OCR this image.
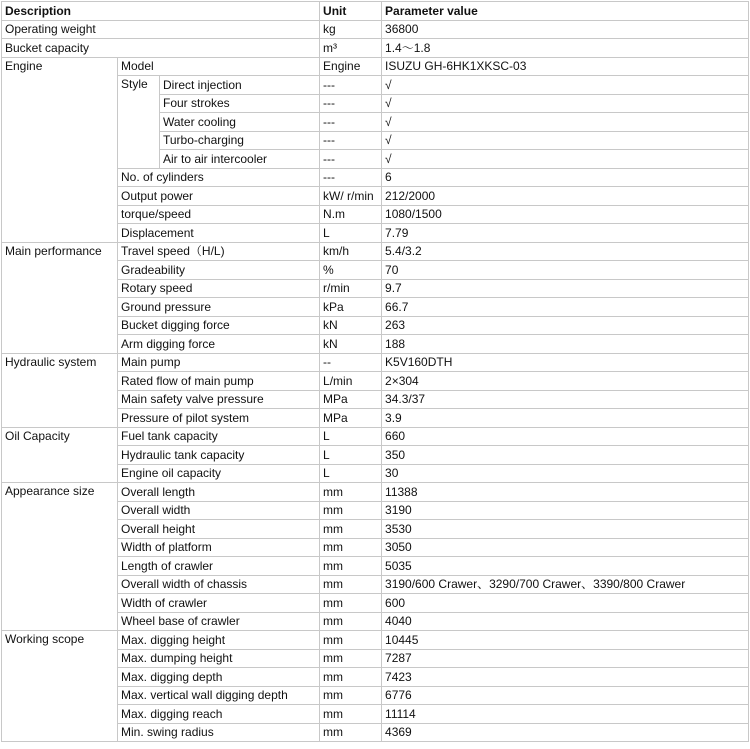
Description			Unit	Parameter value
Operating weight			kg	36800
Bucket capacity			m³	1.4～1.8
Engine	Model		Engine	ISUZU GH-6HK1XKSC-03
	Style	Direct injection	---	√
		Four strokes	---	√
		Water cooling	---	√
		Turbo-charging	---	√
		Air to air intercooler	---	√
	No. of cylinders		---	6
	Output power		kW/ r/min	212/2000
	torque/speed		N.m	1080/1500
	Displacement		L	7.79
Main performance	Travel speed（H/L)		km/h	5.4/3.2
	Gradeability		%	70
	Rotary speed		r/min	9.7
	Ground pressure		kPa	66.7
	Bucket digging force		kN	263
	Arm digging force		kN	188
Hydraulic system	Main pump		--	K5V160DTH
	Rated flow of main pump		L/min	2×304
	Main safety valve pressure		MPa	34.3/37
	Pressure of pilot system		MPa	3.9
Oil Capacity	Fuel tank capacity		L	660
	Hydraulic tank capacity		L	350
	Engine oil capacity		L	30
Appearance size	Overall length		mm	11388
	Overall width		mm	3190
	Overall height		mm	3530
	Width of platform		mm	3050
	Length of crawler		mm	5035
	Overall width of chassis		mm	3190/600 Crawer、3290/700 Crawer、3390/800 Crawer
	Width of crawler		mm	600
	Wheel base of crawler		mm	4040
Working scope	Max. digging height		mm	10445
	Max. dumping height		mm	7287
	Max. digging depth		mm	7423
	Max. vertical wall digging depth		mm	6776
	Max. digging reach		mm	11114
	Min. swing radius		mm	4369
